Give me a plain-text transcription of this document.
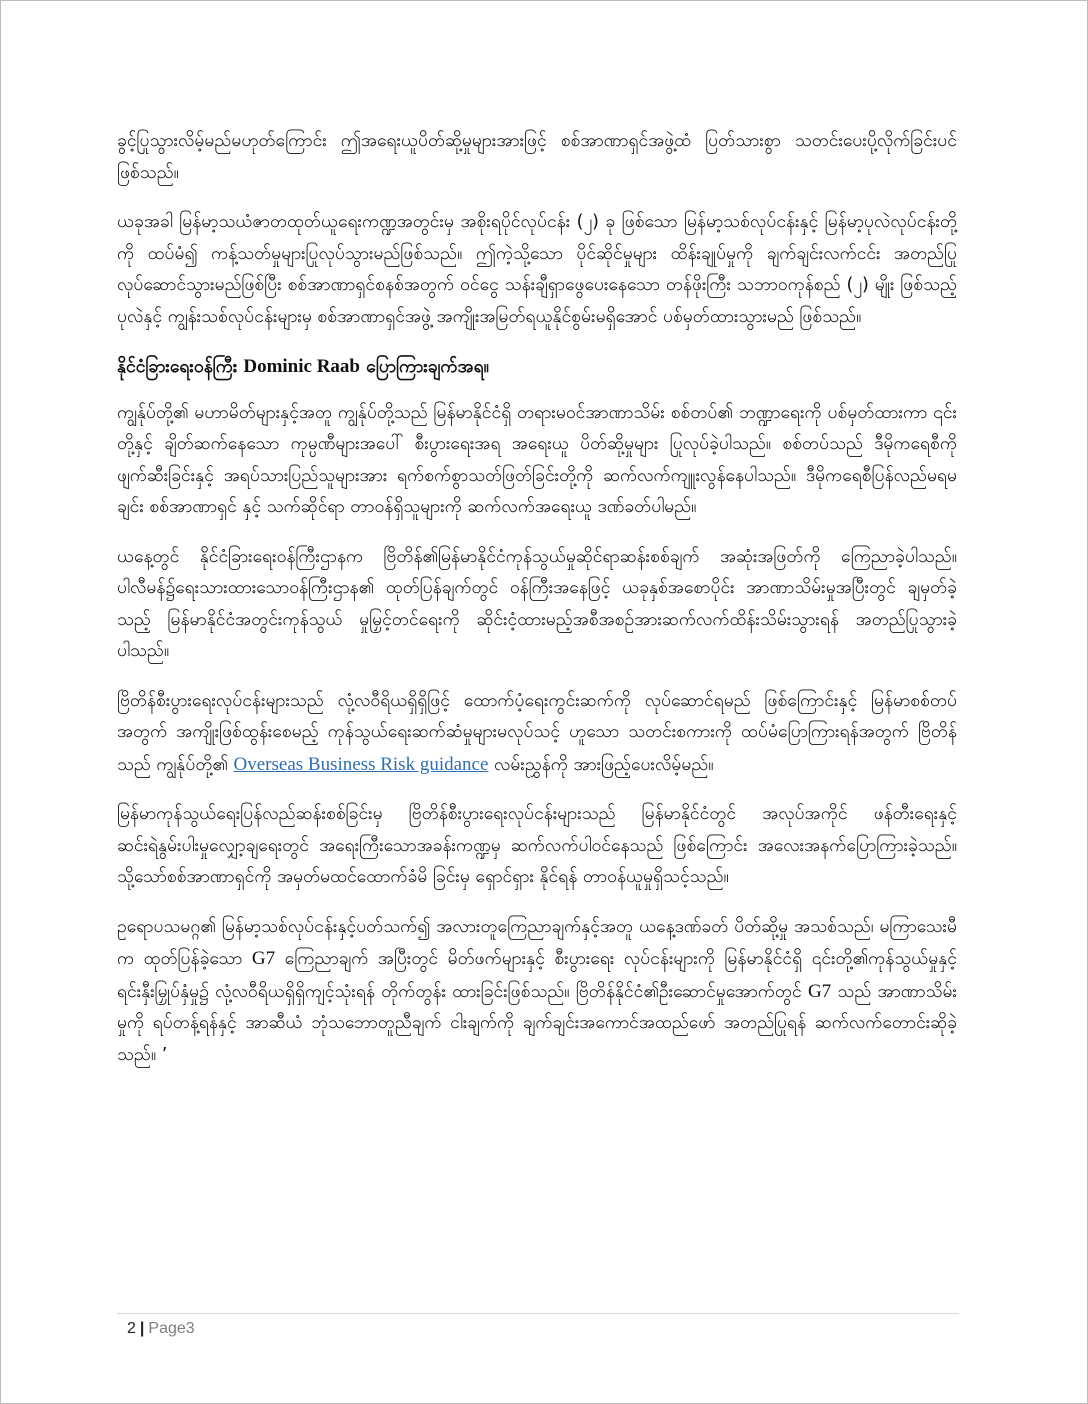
ခွင့်ပြုသွားလိမ့်မည်မဟုတ်ကြောင်း ဤအရေးယူပိတ်ဆို့မှုများအားဖြင့် စစ်အာဏာရှင်အဖွဲ့ထံ ပြတ်သားစွာ သတင်းပေးပို့လိုက်ခြင်းပင် ဖြစ်သည်။

ယခုအခါ မြန်မာ့သယံဇာတထုတ်ယူရေးကဏ္ဍအတွင်းမှ အစိုးရပိုင်လုပ်ငန်း (၂) ခု ဖြစ်သော မြန်မာ့သစ်လုပ်ငန်းနှင့် မြန်မာ့ပုလဲလုပ်ငန်းတို့ကို ထပ်မံ၍ ကန့်သတ်မှုများပြုလုပ်သွားမည်ဖြစ်သည်။ ဤကဲ့သို့သော ပိုင်ဆိုင်မှုများ ထိန်းချုပ်မှုကို ချက်ချင်းလက်ငင်း အတည်ပြုလုပ်ဆောင်သွားမည်ဖြစ်ပြီး စစ်အာဏာရှင်စနစ်အတွက် ဝင်ငွေ သန်းချီရှာဖွေပေးနေသော တန်ဖိုးကြီး သဘာဝကုန်စည် (၂) မျိုး ဖြစ်သည့် ပုလဲနှင့် ကျွန်းသစ်လုပ်ငန်းများမှ စစ်အာဏာရှင်အဖွဲ့ အကျိုးအမြတ်ရယူနိုင်စွမ်းမရှိအောင် ပစ်မှတ်ထားသွားမည် ဖြစ်သည်။

နိုင်ငံခြားရေးဝန်ကြီး Dominic Raab ပြောကြားချက်အရ။

ကျွန်ုပ်တို့၏ မဟာမိတ်များနှင့်အတူ ကျွန်ုပ်တို့သည် မြန်မာနိုင်ငံရှိ တရားမဝင်အာဏာသိမ်း စစ်တပ်၏ ဘဏ္ဍာရေးကို ပစ်မှတ်ထားကာ ၎င်းတို့နှင့် ချိတ်ဆက်နေသော ကုမ္ပဏီများအပေါ် စီးပွားရေးအရ အရေးယူ ပိတ်ဆို့မှုများ ပြုလုပ်ခဲ့ပါသည်။ စစ်တပ်သည် ဒီမိုကရေစီကိုဖျက်ဆီးခြင်းနှင့် အရပ်သားပြည်သူများအား ရက်စက်စွာသတ်ဖြတ်ခြင်းတို့ကို ဆက်လက်ကျူးလွန်နေပါသည်။ ဒီမိုကရေစီပြန်လည်မရမချင်း စစ်အာဏာရှင် နှင့် သက်ဆိုင်ရာ တာဝန်ရှိသူများကို ဆက်လက်အရေးယူ ဒဏ်ခတ်ပါမည်။

ယနေ့တွင် နိုင်ငံခြားရေးဝန်ကြီးဌာနက ဗြိတိန်၏မြန်မာနိုင်ငံကုန်သွယ်မှုဆိုင်ရာဆန်းစစ်ချက် အဆုံးအဖြတ်ကို ကြေညာခဲ့ပါသည်။ ပါလီမန်၌ရေးသားထားသောဝန်ကြီးဌာန၏ ထုတ်ပြန်ချက်တွင် ဝန်ကြီးအနေဖြင့် ယခုနှစ်အစောပိုင်း အာဏာသိမ်းမှုအပြီးတွင် ချမှတ်ခဲ့သည့် မြန်မာနိုင်ငံအတွင်းကုန်သွယ် မှုမြှင့်တင်ရေးကို ဆိုင်းငံ့ထားမည့်အစီအစဉ်အားဆက်လက်ထိန်းသိမ်းသွားရန် အတည်ပြုသွားခဲ့ပါသည်။

ဗြိတိန်စီးပွားရေးလုပ်ငန်းများသည် လုံ့လဝီရိယရှိရှိဖြင့် ထောက်ပံ့ရေးကွင်းဆက်ကို လုပ်ဆောင်ရမည် ဖြစ်ကြောင်းနှင့် မြန်မာစစ်တပ်အတွက် အကျိုးဖြစ်ထွန်းစေမည့် ကုန်သွယ်ရေးဆက်ဆံမှုများမလုပ်သင့် ဟူသော သတင်းစကားကို ထပ်မံပြောကြားရန်အတွက် ဗြိတိန်သည် ကျွန်ုပ်တို့၏ Overseas Business Risk guidance လမ်းညွှန်ကို အားဖြည့်ပေးလိမ့်မည်။

မြန်မာကုန်သွယ်ရေးပြန်လည်ဆန်းစစ်ခြင်းမှ ဗြိတိန်စီးပွားရေးလုပ်ငန်းများသည် မြန်မာနိုင်ငံတွင် အလုပ်အကိုင် ဖန်တီးရေးနှင့် ဆင်းရဲနွမ်းပါးမှုလျှော့ချရေးတွင် အရေးကြီးသောအခန်းကဏ္ဍမှ ဆက်လက်ပါဝင်နေသည် ဖြစ်ကြောင်း အလေးအနက်ပြောကြားခဲ့သည်။ သို့သော်စစ်အာဏာရှင်ကို အမှတ်မထင်ထောက်ခံမိ ခြင်းမှ ရှောင်ရှား နိုင်ရန် တာဝန်ယူမှုရှိသင့်သည်။

ဥရောပသမဂ္ဂ၏ မြန်မာ့သစ်လုပ်ငန်းနှင့်ပတ်သက်၍ အလားတူကြေညာချက်နှင့်အတူ ယနေ့ဒဏ်ခတ် ပိတ်ဆို့မှု အသစ်သည်၊ မကြာသေးမီက ထုတ်ပြန်ခဲ့သော G7 ကြေညာချက် အပြီးတွင် မိတ်ဖက်များနှင့် စီးပွားရေး လုပ်ငန်းများကို မြန်မာနိုင်ငံရှိ ၎င်းတို့၏ကုန်သွယ်မှုနှင့် ရင်းနှီးမြှုပ်နှံမှု၌ လုံ့လဝီရိယရှိရှိကျင့်သုံးရန် တိုက်တွန်း ထားခြင်းဖြစ်သည်။ ဗြိတိန်နိုင်ငံ၏ဦးဆောင်မှုအောက်တွင် G7 သည် အာဏာသိမ်းမှုကို ရပ်တန့်ရန်နှင့် အာဆီယံ ဘုံသဘောတူညီချက် ငါးချက်ကို ချက်ချင်းအကောင်အထည်ဖော် အတည်ပြုရန် ဆက်လက်တောင်းဆိုခဲ့သည်။ ’

2 | Page3
